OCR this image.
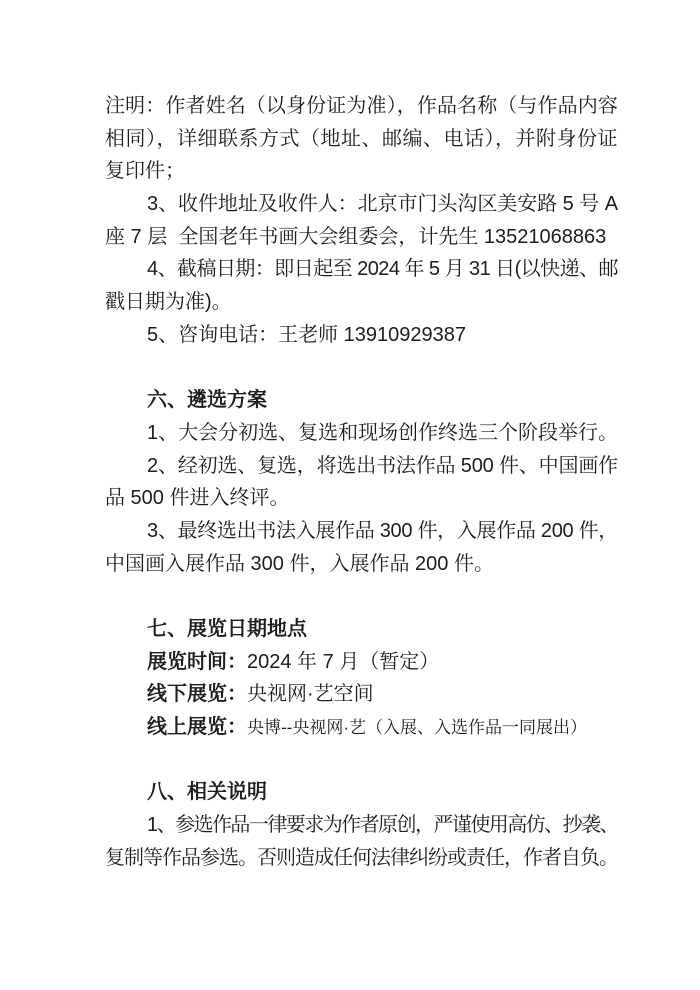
注明：作者姓名（以身份证为准），作品名称（与作品内容
相同），详细联系方式（地址、邮编、电话），并附身份证
复印件；
3、收件地址及收件人：北京市门头沟区美安路 5 号 A
座 7 层  全国老年书画大会组委会，计先生 13521068863
4、截稿日期：即日起至 2024 年 5 月 31 日(以快递、邮
戳日期为准)。
5、咨询电话：王老师 13910929387
六、遴选方案
1、大会分初选、复选和现场创作终选三个阶段举行。
2、经初选、复选，将选出书法作品 500 件、中国画作
品 500 件进入终评。
3、最终选出书法入展作品 300 件，入展作品 200 件，
中国画入展作品 300 件，入展作品 200 件。
七、展览日期地点
展览时间：2024 年 7 月（暂定）
线下展览：央视网·艺空间
线上展览：央博--央视网·艺（入展、入选作品一同展出）
八、相关说明
1、参选作品一律要求为作者原创，严谨使用高仿、抄袭、
复制等作品参选。否则造成任何法律纠纷或责任，作者自负。
